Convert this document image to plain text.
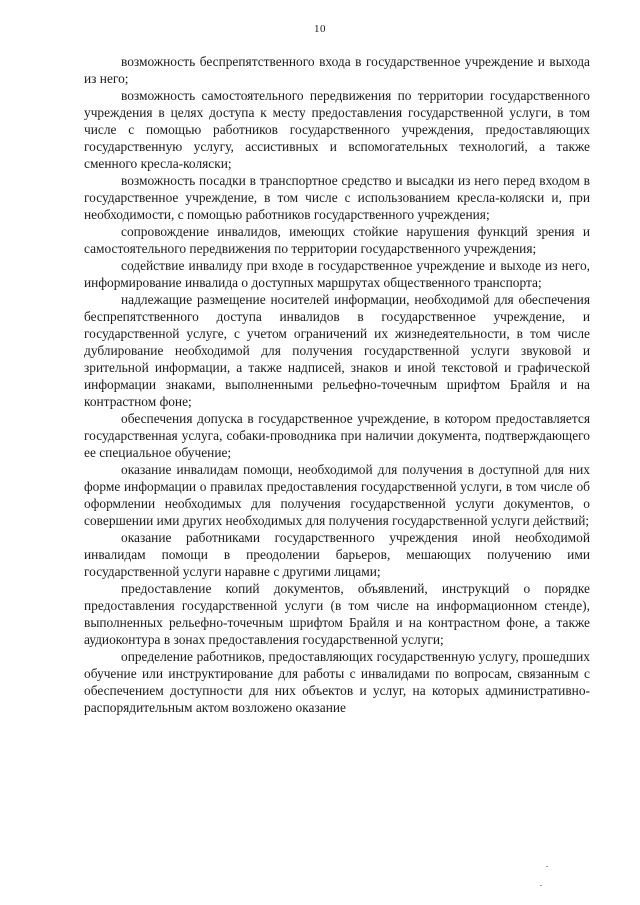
10

возможность беспрепятственного входа в государственное учреждение и выхода из него;

возможность самостоятельного передвижения по территории государственного учреждения в целях доступа к месту предоставления государственной услуги, в том числе с помощью работников государственного учреждения, предоставляющих государственную услугу, ассистивных и вспомогательных технологий, а также сменного кресла-коляски;

возможность посадки в транспортное средство и высадки из него перед входом в государственное учреждение, в том числе с использованием кресла-коляски и, при необходимости, с помощью работников государственного учреждения;

сопровождение инвалидов, имеющих стойкие нарушения функций зрения и самостоятельного передвижения по территории государственного учреждения;

содействие инвалиду при входе в государственное учреждение и выходе из него, информирование инвалида о доступных маршрутах общественного транспорта;

надлежащие размещение носителей информации, необходимой для обеспечения беспрепятственного доступа инвалидов в государственное учреждение, и государственной услуге, с учетом ограничений их жизнедеятельности, в том числе дублирование необходимой для получения государственной услуги звуковой и зрительной информации, а также надписей, знаков и иной текстовой и графической информации знаками, выполненными рельефно-точечным шрифтом Брайля и на контрастном фоне;

обеспечения допуска в государственное учреждение, в котором предоставляется государственная услуга, собаки-проводника при наличии документа, подтверждающего ее специальное обучение;

оказание инвалидам помощи, необходимой для получения в доступной для них форме информации о правилах предоставления государственной услуги, в том числе об оформлении необходимых для получения государственной услуги документов, о совершении ими других необходимых для получения государственной услуги действий;

оказание работниками государственного учреждения иной необходимой инвалидам помощи в преодолении барьеров, мешающих получению ими государственной услуги наравне с другими лицами;

предоставление копий документов, объявлений, инструкций о порядке предоставления государственной услуги (в том числе на информационном стенде), выполненных рельефно-точечным шрифтом Брайля и на контрастном фоне, а также аудиоконтура в зонах предоставления государственной услуги;

определение работников, предоставляющих государственную услугу, прошедших обучение или инструктирование для работы с инвалидами по вопросам, связанным с обеспечением доступности для них объектов и услуг, на которых административно-распорядительным актом возложено оказание
